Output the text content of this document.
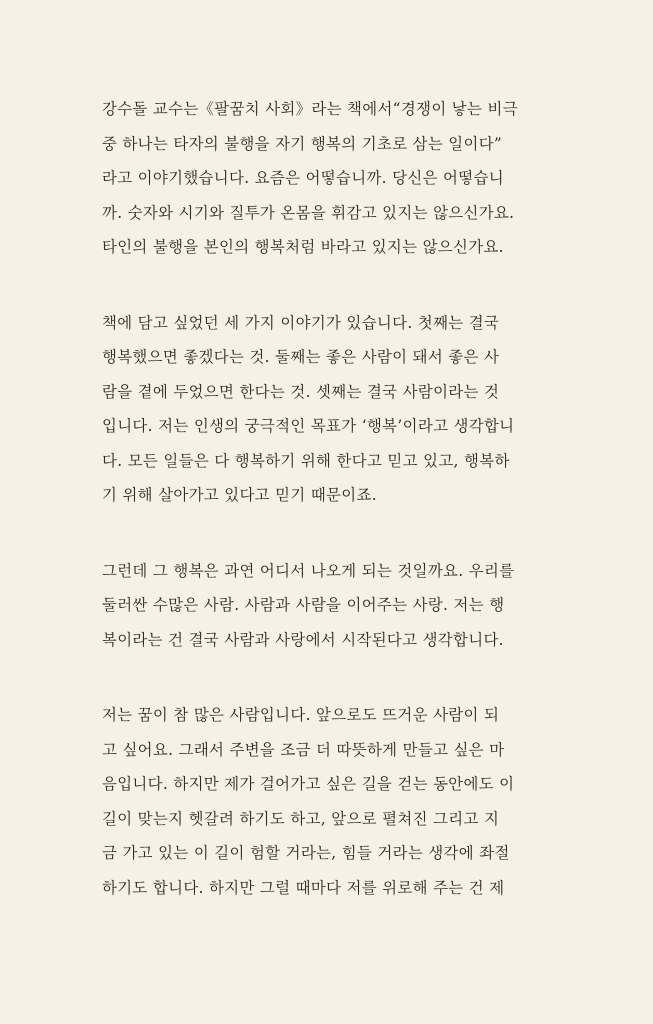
강수돌 교수는《팔꿈치 사회》라는 책에서“경쟁이 낳는 비극
중 하나는 타자의 불행을 자기 행복의 기초로 삼는 일이다”
라고 이야기했습니다. 요즘은 어떻습니까. 당신은 어떻습니
까. 숫자와 시기와 질투가 온몸을 휘감고 있지는 않으신가요.
타인의 불행을 본인의 행복처럼 바라고 있지는 않으신가요.
책에 담고 싶었던 세 가지 이야기가 있습니다. 첫째는 결국
행복했으면 좋겠다는 것. 둘째는 좋은 사람이 돼서 좋은 사
람을 곁에 두었으면 한다는 것. 셋째는 결국 사람이라는 것
입니다. 저는 인생의 궁극적인 목표가 ‘행복’이라고 생각합니
다. 모든 일들은 다 행복하기 위해 한다고 믿고 있고, 행복하
기 위해 살아가고 있다고 믿기 때문이죠.
그런데 그 행복은 과연 어디서 나오게 되는 것일까요. 우리를
둘러싼 수많은 사람. 사람과 사람을 이어주는 사랑. 저는 행
복이라는 건 결국 사람과 사랑에서 시작된다고 생각합니다.
저는 꿈이 참 많은 사람입니다. 앞으로도 뜨거운 사람이 되
고 싶어요. 그래서 주변을 조금 더 따뜻하게 만들고 싶은 마
음입니다. 하지만 제가 걸어가고 싶은 길을 걷는 동안에도 이
길이 맞는지 헷갈려 하기도 하고, 앞으로 펼쳐진 그리고 지
금 가고 있는 이 길이 험할 거라는, 힘들 거라는 생각에 좌절
하기도 합니다. 하지만 그럴 때마다 저를 위로해 주는 건 제
